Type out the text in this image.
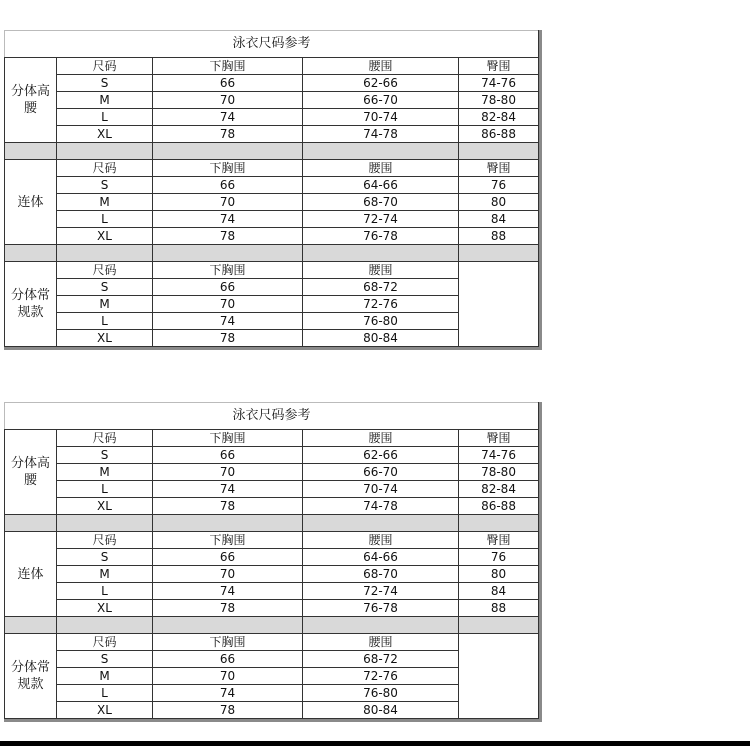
泳衣尺码参考				
分体高腰	尺码	下胸围	腰围	臀围
	S	66	62-66	74-76
	M	70	66-70	78-80
	L	74	70-74	82-84
	XL	78	74-78	86-88

连体	尺码	下胸围	腰围	臀围
	S	66	64-66	76
	M	70	68-70	80
	L	74	72-74	84
	XL	78	76-78	88

分体常规款	尺码	下胸围	腰围	
	S	66	68-72	
	M	70	72-76	
	L	74	76-80	
	XL	78	80-84	
泳衣尺码参考				
分体高腰	尺码	下胸围	腰围	臀围
	S	66	62-66	74-76
	M	70	66-70	78-80
	L	74	70-74	82-84
	XL	78	74-78	86-88

连体	尺码	下胸围	腰围	臀围
	S	66	64-66	76
	M	70	68-70	80
	L	74	72-74	84
	XL	78	76-78	88

分体常规款	尺码	下胸围	腰围	
	S	66	68-72	
	M	70	72-76	
	L	74	76-80	
	XL	78	80-84	
